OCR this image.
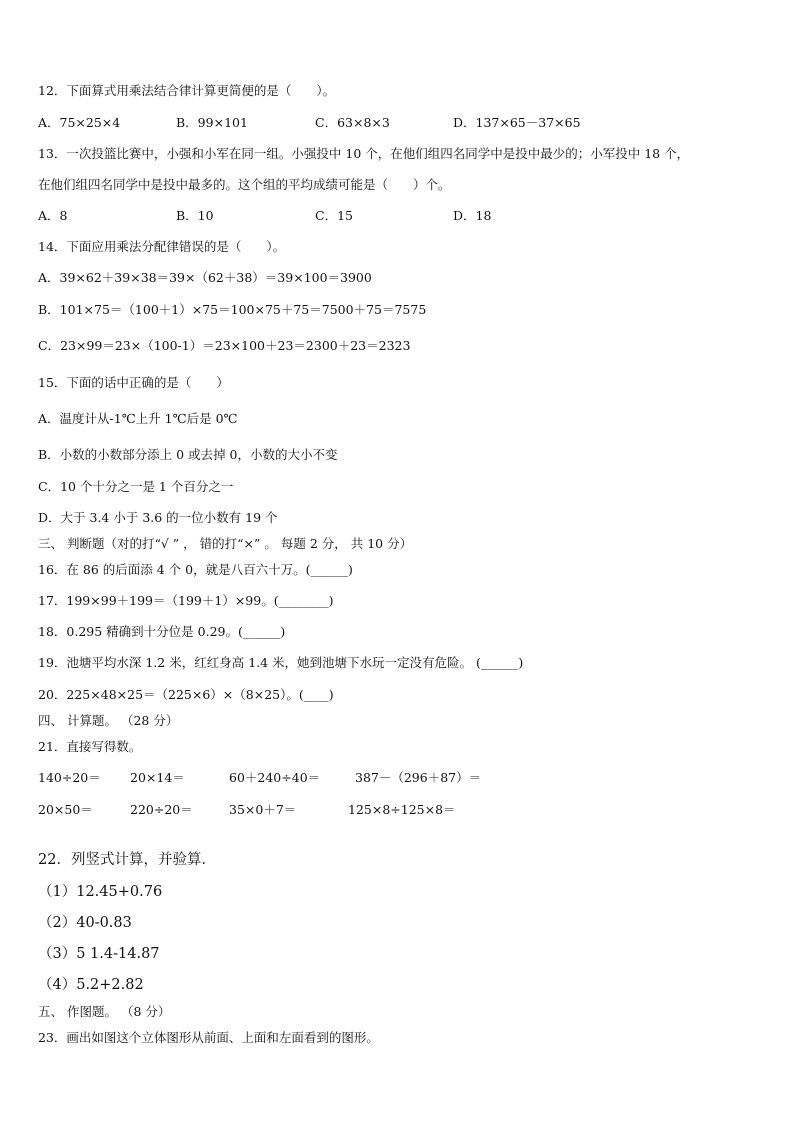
12．下面算式用乘法结合律计算更简便的是（　　）。
A．75×25×4	B．99×101	C．63×8×3	D．137×65－37×65
13．一次投篮比赛中，小强和小军在同一组。小强投中 10 个，在他们组四名同学中是投中最少的；小军投中 18 个，
在他们组四名同学中是投中最多的。这个组的平均成绩可能是（　　）个。
A．8	B．10	C．15	D．18
14．下面应用乘法分配律错误的是（　　）。
A．39×62＋39×38＝39×（62＋38）＝39×100＝3900
B．101×75＝（100＋1）×75＝100×75＋75＝7500＋75＝7575
C．23×99＝23×（100-1）＝23×100＋23＝2300＋23＝2323
15．下面的话中正确的是（　　）
A．温度计从-1℃上升 1℃后是 0℃
B．小数的小数部分添上 0 或去掉 0，小数的大小不变
C．10 个十分之一是 1 个百分之一
D．大于 3.4 小于 3.6 的一位小数有 19 个
三、 判断题（对的打“√ ” ， 错的打“×” 。 每题 2 分， 共 10 分）
16．在 86 的后面添 4 个 0，就是八百六十万。(______)
17．199×99＋199＝（199＋1）×99。(________)
18．0.295 精确到十分位是 0.29。(______)
19．池塘平均水深 1.2 米，红红身高 1.4 米，她到池塘下水玩一定没有危险。 (______)
20．225×48×25＝（225×6）×（8×25）。(____)
四、 计算题。 （28 分）
21．直接写得数。
140÷20＝ 20×14＝	60＋240÷40＝	387－（296＋87）＝
20×50＝	220÷20＝	35×0＋7＝	125×8÷125×8＝
22．列竖式计算，并验算．
（1）12.45+0.76
（2）40-0.83
（3）5 1.4-14.87
（4）5.2+2.82
五、 作图题。 （8 分）
23．画出如图这个立体图形从前面、上面和左面看到的图形。
